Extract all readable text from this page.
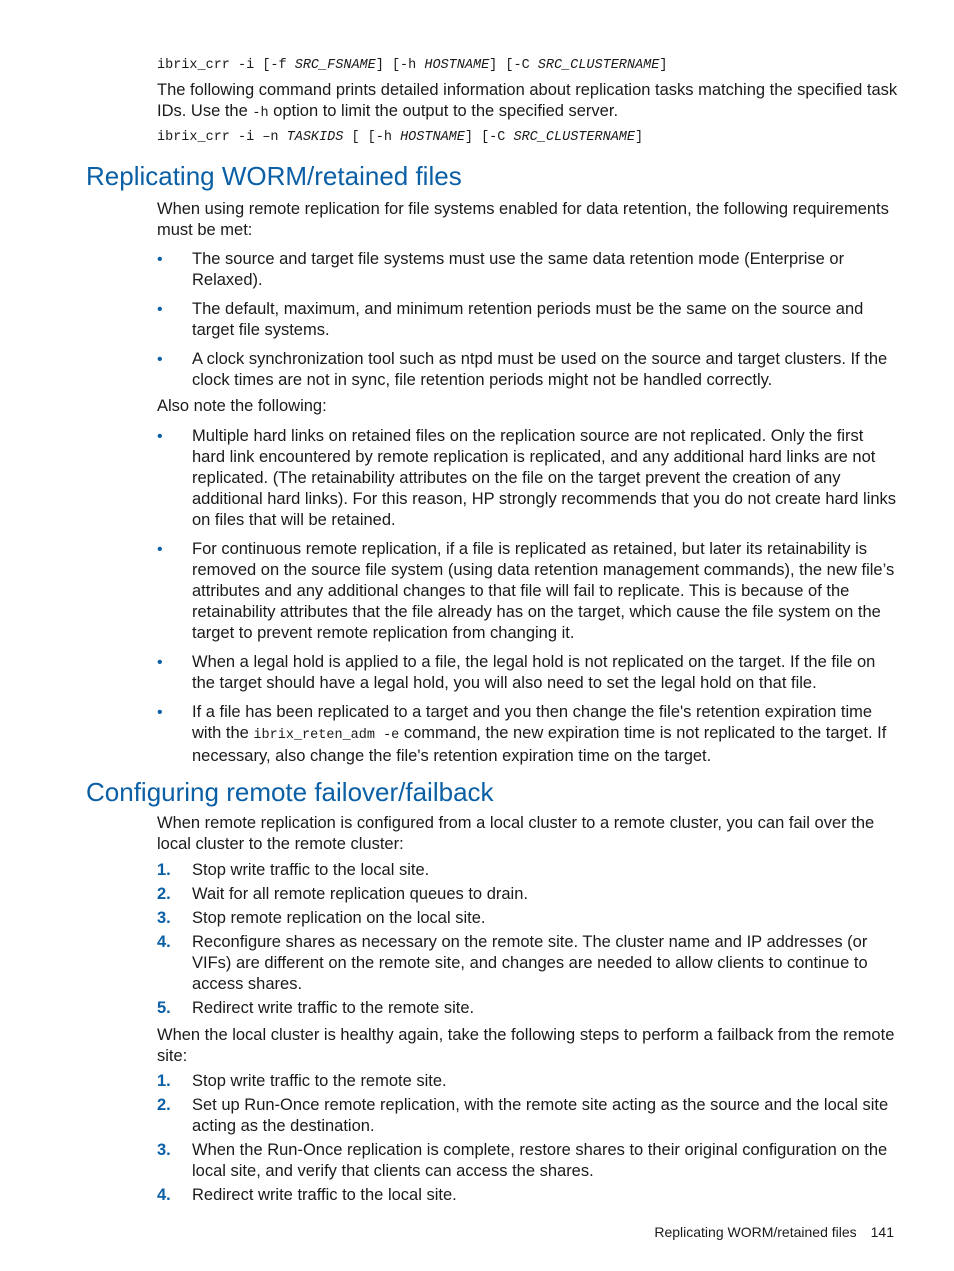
ibrix_crr -i [-f SRC_FSNAME] [-h HOSTNAME] [-C SRC_CLUSTERNAME]
The following command prints detailed information about replication tasks matching the specified task IDs. Use the -h option to limit the output to the specified server.
ibrix_crr -i –n TASKIDS [ [-h HOSTNAME] [-C SRC_CLUSTERNAME]
Replicating WORM/retained files
When using remote replication for file systems enabled for data retention, the following requirements must be met:
• The source and target file systems must use the same data retention mode (Enterprise or Relaxed).
• The default, maximum, and minimum retention periods must be the same on the source and target file systems.
• A clock synchronization tool such as ntpd must be used on the source and target clusters. If the clock times are not in sync, file retention periods might not be handled correctly.
Also note the following:
• Multiple hard links on retained files on the replication source are not replicated. Only the first hard link encountered by remote replication is replicated, and any additional hard links are not replicated. (The retainability attributes on the file on the target prevent the creation of any additional hard links). For this reason, HP strongly recommends that you do not create hard links on files that will be retained.
• For continuous remote replication, if a file is replicated as retained, but later its retainability is removed on the source file system (using data retention management commands), the new file’s attributes and any additional changes to that file will fail to replicate. This is because of the retainability attributes that the file already has on the target, which cause the file system on the target to prevent remote replication from changing it.
• When a legal hold is applied to a file, the legal hold is not replicated on the target. If the file on the target should have a legal hold, you will also need to set the legal hold on that file.
• If a file has been replicated to a target and you then change the file's retention expiration time with the ibrix_reten_adm -e command, the new expiration time is not replicated to the target. If necessary, also change the file's retention expiration time on the target.
Configuring remote failover/failback
When remote replication is configured from a local cluster to a remote cluster, you can fail over the local cluster to the remote cluster:
1. Stop write traffic to the local site.
2. Wait for all remote replication queues to drain.
3. Stop remote replication on the local site.
4. Reconfigure shares as necessary on the remote site. The cluster name and IP addresses (or VIFs) are different on the remote site, and changes are needed to allow clients to continue to access shares.
5. Redirect write traffic to the remote site.
When the local cluster is healthy again, take the following steps to perform a failback from the remote site:
1. Stop write traffic to the remote site.
2. Set up Run-Once remote replication, with the remote site acting as the source and the local site acting as the destination.
3. When the Run-Once replication is complete, restore shares to their original configuration on the local site, and verify that clients can access the shares.
4. Redirect write traffic to the local site.
Replicating WORM/retained files 141
